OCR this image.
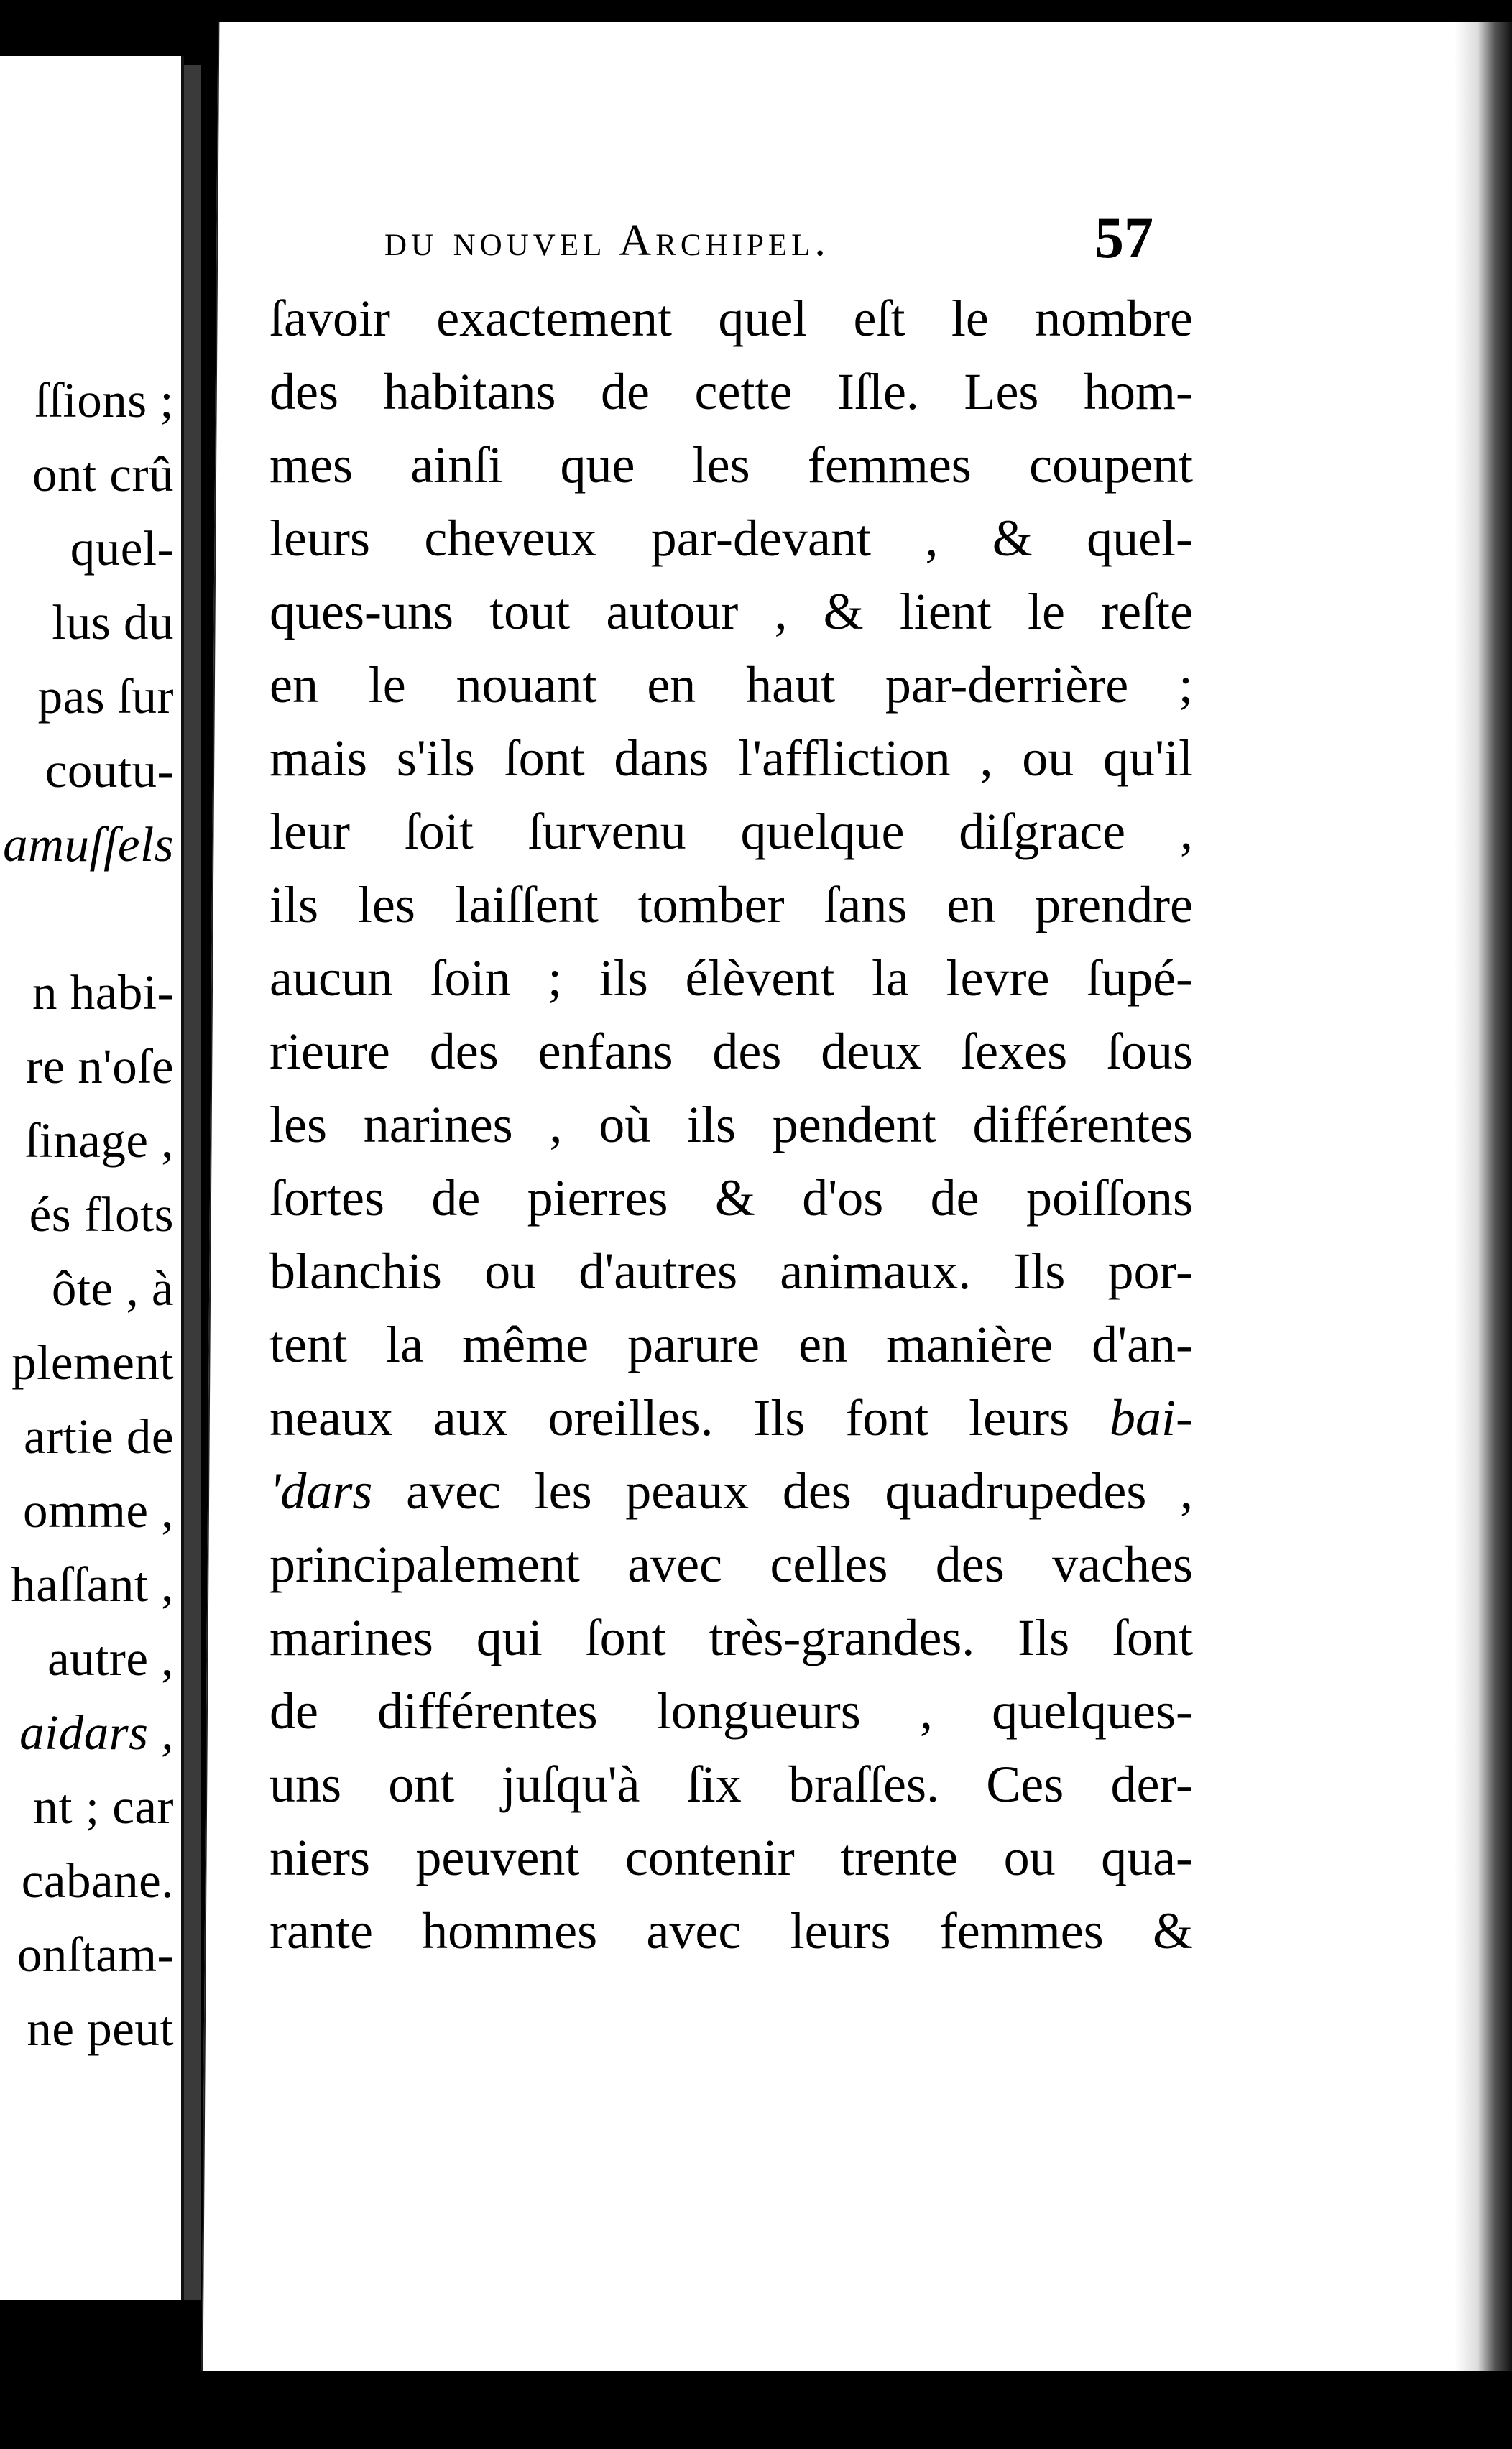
ſſions ;
ont crû
quel-
lus du
pas ſur
coutu-
amuſſels
n habi-
re n'oſe
ſinage ,
és flots
ôte , à
plement
artie de
omme ,
haſſant ,
autre ,
aidars ,
nt ; car
cabane.
onſtam-
ne peut
du nouvel Archipel.	57
ſavoir exactement quel eſt le nombre
des habitans de cette Iſle. Les hom-
mes ainſi que les femmes coupent
leurs cheveux par-devant , & quel-
ques-uns tout autour , & lient le reſte
en le nouant en haut par-derrière ;
mais s'ils ſont dans l'affliction , ou qu'il
leur ſoit ſurvenu quelque diſgrace ,
ils les laiſſent tomber ſans en prendre
aucun ſoin ; ils élèvent la levre ſupé-
rieure des enfans des deux ſexes ſous
les narines , où ils pendent différentes
ſortes de pierres & d'os de poiſſons
blanchis ou d'autres animaux. Ils por-
tent la même parure en manière d'an-
neaux aux oreilles. Ils font leurs bai-
'dars avec les peaux des quadrupedes ,
principalement avec celles des vaches
marines qui ſont très-grandes. Ils ſont
de différentes longueurs , quelques-
uns ont juſqu'à ſix braſſes. Ces der-
niers peuvent contenir trente ou qua-
rante hommes avec leurs femmes &
